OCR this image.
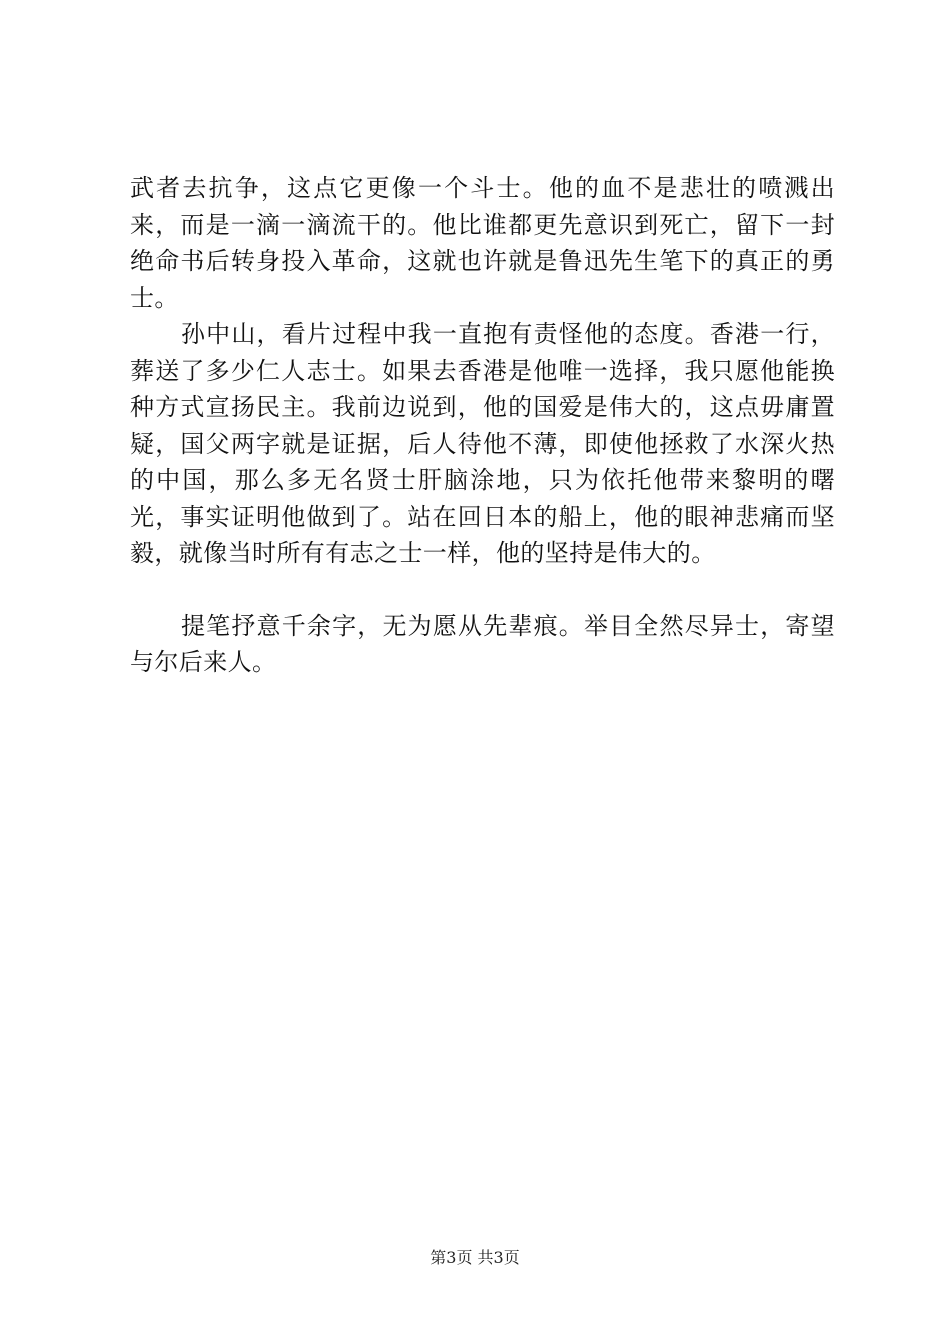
武者去抗争，这点它更像一个斗士。他的血不是悲壮的喷溅出来，而是一滴一滴流干的。他比谁都更先意识到死亡，留下一封绝命书后转身投入革命，这就也许就是鲁迅先生笔下的真正的勇士。

孙中山，看片过程中我一直抱有责怪他的态度。香港一行，葬送了多少仁人志士。如果去香港是他唯一选择，我只愿他能换种方式宣扬民主。我前边说到，他的国爱是伟大的，这点毋庸置疑，国父两字就是证据，后人待他不薄，即使他拯救了水深火热的中国，那么多无名贤士肝脑涂地，只为依托他带来黎明的曙光，事实证明他做到了。站在回日本的船上，他的眼神悲痛而坚毅，就像当时所有有志之士一样，他的坚持是伟大的。

提笔抒意千余字，无为愿从先辈痕。举目全然尽异士，寄望与尔后来人。

第3页 共3页
